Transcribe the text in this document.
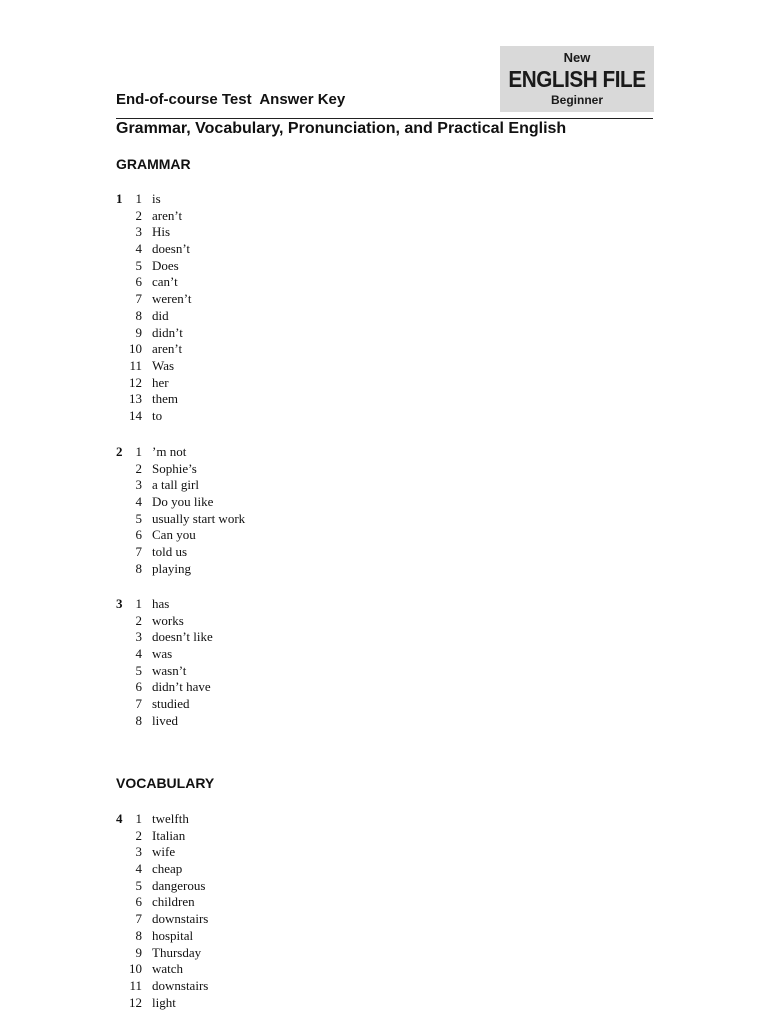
New
ENGLISH FILE
Beginner
End-of-course Test  Answer Key
Grammar, Vocabulary, Pronunciation, and Practical English
GRAMMAR
1	1 is
2 aren’t
3 His
4 doesn’t
5 Does
6 can’t
7 weren’t
8 did
9 didn’t
10 aren’t
11 Was
12 her
13 them
14 to
2	1 ’m not
2 Sophie’s
3 a tall girl
4 Do you like
5 usually start work
6 Can you
7 told us
8 playing
3	1 has
2 works
3 doesn’t like
4 was
5 wasn’t
6 didn’t have
7 studied
8 lived
VOCABULARY
4	1 twelfth
2 Italian
3 wife
4 cheap
5 dangerous
6 children
7 downstairs
8 hospital
9 Thursday
10 watch
11 downstairs
12 light
